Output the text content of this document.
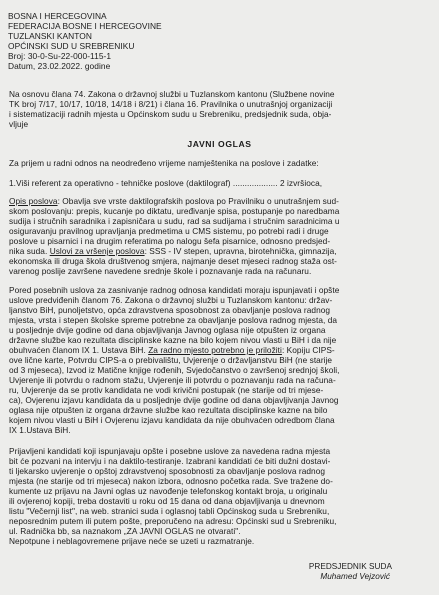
BOSNA I HERCEGOVINA
FEDERACIJA BOSNE I HERCEGOVINE
TUZLANSKI KANTON
OPĆINSKI SUD U SREBRENIKU
Broj: 30-0-Su-22-000-115-1
Datum, 23.02.2022. godine
Na osnovu člana 74. Zakona o državnoj službi u Tuzlanskom kantonu (Službene novine
TK broj 7/17, 10/17, 10/18, 14/18 i 8/21) i člana 16. Pravilnika o unutrašnjoj organizaciji
i sistematizaciji radnih mjesta u Općinskom sudu u Srebreniku, predsjednik suda, obja-
vljuje
JAVNI OGLAS
Za prijem u radni odnos na neodređeno vrijeme namještenika na poslove i zadatke:
1.Viši referent za operativno - tehničke poslove (daktilograf) ................... 2 izvršioca,
Opis poslova: Obavlja sve vrste daktilografskih poslova po Pravilniku o unutrašnjem sud-
skom poslovanju: prepis, kucanje po diktatu, uređivanje spisa, postupanje po naredbama
sudija i stručnih saradnika i zapisničara u sudu, rad sa sudijama i stručnim saradnicima u
osiguravanju pravilnog upravljanja predmetima u CMS sistemu, po potrebi radi i druge
poslove u pisarnici i na drugim referatima po nalogu šefa pisarnice, odnosno predsjed-
nika suda. Uslovi za vršenje poslova: SSS - IV stepen, upravna, birotehnička, gimnazija,
ekonomska ili druga škola društvenog smjera, najmanje deset mjeseci radnog staža ost-
varenog poslije završene navedene srednje škole i poznavanje rada na računaru.
Pored posebnih uslova za zasnivanje radnog odnosa kandidati moraju ispunjavati i opšte
uslove predviđenih članom 76. Zakona o državnoj službi u Tuzlanskom kantonu: držav-
ljanstvo BiH, punoljetstvo, opća zdravstvena sposobnost za obavljanje poslova radnog
mjesta, vrsta i stepen školske spreme potrebne za obavljanje poslova radnog mjesta, da
u posljednje dvije godine od dana objavljivanja Javnog oglasa nije otpušten iz organa
državne službe kao rezultata disciplinske kazne na bilo kojem nivou vlasti u BiH i da nije
obuhvaćen članom IX 1. Ustava BiH. Za radno mjesto potrebno je priložiti: Kopiju CIPS-
ove lične karte, Potvrdu CIPS-a o prebivalištu, Uvjerenje o državljanstvu BiH (ne starije
od 3 mjeseca), Izvod iz Matične knjige rođenih, Svjedočanstvo o završenoj srednjoj školi,
Uvjerenje ili potvrdu o radnom stažu, Uvjerenje ili potvrdu o poznavanju rada na računa-
ru, Uvjerenje da se protiv kandidata ne vodi krivični postupak (ne starije od tri mjese-
ca), Ovjerenu izjavu kandidata da u posljednje dvije godine od dana objavljivanja Javnog
oglasa nije otpušten iz organa državne službe kao rezultata disciplinske kazne na bilo
kojem nivou vlasti u BiH i Ovjerenu izjavu kandidata da nije obuhvaćen odredbom člana
IX 1.Ustava BiH.
Prijavljeni kandidati koji ispunjavaju opšte i posebne uslove za navedena radna mjesta
bit će pozvani na intervju i na daktilo-testiranje. Izabrani kandidati će biti dužni dostavi-
ti ljekarsko uvjerenje o opštoj zdravstvenoj sposobnosti za obavljanje poslova radnog
mjesta (ne starije od tri mjeseca) nakon izbora, odnosno početka rada. Sve tražene do-
kumente uz prijavu na Javni oglas uz navođenje telefonskog kontakt broja, u originalu
ili ovjerenoj kopiji, treba dostaviti u roku od 15 dana od dana objavljivanja u dnevnom
listu "Večernji list", na web. stranici suda i oglasnoj tabli Općinskog suda u Srebreniku,
neposrednim putem ili putem pošte, preporučeno na adresu: Općinski sud u Srebreniku,
ul. Radnička bb, sa naznakom „ZA JAVNI OGLAS ne otvarati".
Nepotpune i neblagovremene prijave neće se uzeti u razmatranje.
PREDSJEDNIK SUDA
Muhamed Vejzović
